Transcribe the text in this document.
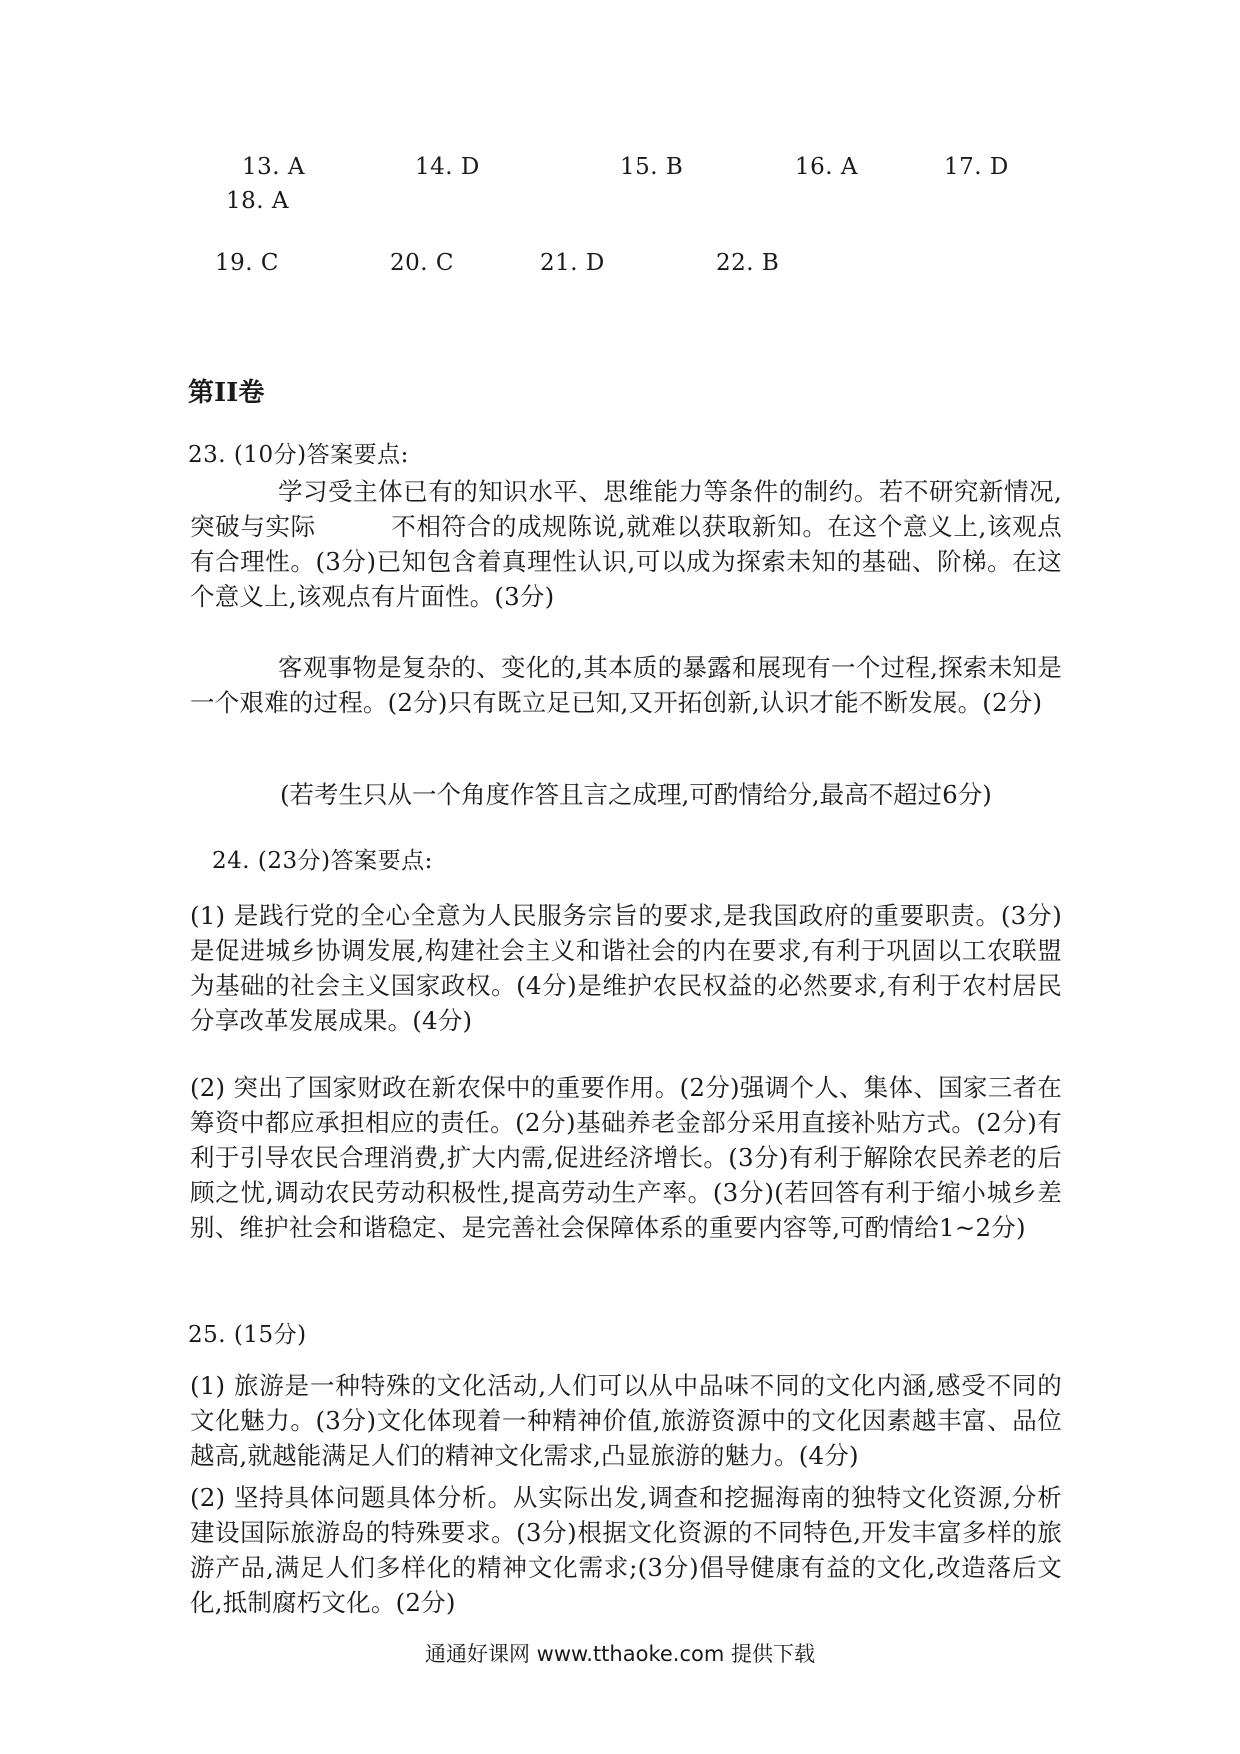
13. A	14. D	15. B	16. A	17. D
18. A
19. C	20. C	21. D	22. B
第II卷
23. (10分)答案要点:

学习受主体已有的知识水平、思维能力等条件的制约。若不研究新情况,突破与实际　　　不相符合的成规陈说,就难以获取新知。在这个意义上,该观点有合理性。(3分)已知包含着真理性认识,可以成为探索未知的基础、阶梯。在这个意义上,该观点有片面性。(3分)

客观事物是复杂的、变化的,其本质的暴露和展现有一个过程,探索未知是一个艰难的过程。(2分)只有既立足已知,又开拓创新,认识才能不断发展。(2分)

(若考生只从一个角度作答且言之成理,可酌情给分,最高不超过6分)
24. (23分)答案要点:

(1) 是践行党的全心全意为人民服务宗旨的要求,是我国政府的重要职责。(3分)是促进城乡协调发展,构建社会主义和谐社会的内在要求,有利于巩固以工农联盟为基础的社会主义国家政权。(4分)是维护农民权益的必然要求,有利于农村居民分享改革发展成果。(4分)

(2) 突出了国家财政在新农保中的重要作用。(2分)强调个人、集体、国家三者在筹资中都应承担相应的责任。(2分)基础养老金部分采用直接补贴方式。(2分)有利于引导农民合理消费,扩大内需,促进经济增长。(3分)有利于解除农民养老的后顾之忧,调动农民劳动积极性,提高劳动生产率。(3分)(若回答有利于缩小城乡差别、维护社会和谐稳定、是完善社会保障体系的重要内容等,可酌情给1~2分)

25. (15分)

(1) 旅游是一种特殊的文化活动,人们可以从中品味不同的文化内涵,感受不同的文化魅力。(3分)文化体现着一种精神价值,旅游资源中的文化因素越丰富、品位越高,就越能满足人们的精神文化需求,凸显旅游的魅力。(4分)

(2) 坚持具体问题具体分析。从实际出发,调查和挖掘海南的独特文化资源,分析建设国际旅游岛的特殊要求。(3分)根据文化资源的不同特色,开发丰富多样的旅游产品,满足人们多样化的精神文化需求;(3分)倡导健康有益的文化,改造落后文化,抵制腐朽文化。(2分)

通通好课网 www.tthaoke.com 提供下载
